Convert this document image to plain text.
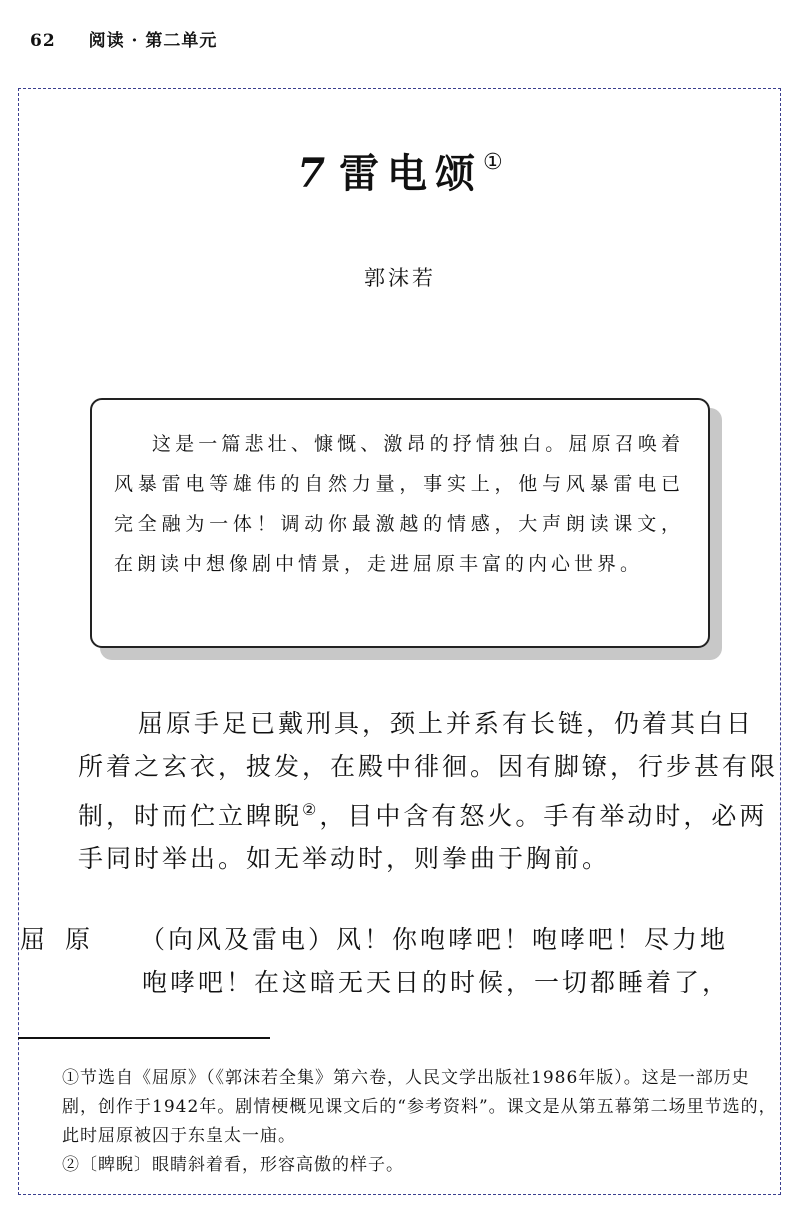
62 阅读 · 第二单元
7 雷电颂①
郭沫若

这是一篇悲壮、慷慨、激昂的抒情独白。屈原召唤着风暴雷电等雄伟的自然力量，事实上，他与风暴雷电已完全融为一体！调动你最激越的情感，大声朗读课文，在朗读中想像剧中情景，走进屈原丰富的内心世界。

屈原手足已戴刑具，颈上并系有长链，仍着其白日所着之玄衣，披发，在殿中徘徊。因有脚镣，行步甚有限制，时而伫立睥睨②，目中含有怒火。手有举动时，必两手同时举出。如无举动时，则拳曲于胸前。

屈原 （向风及雷电）风！你咆哮吧！咆哮吧！尽力地
咆哮吧！在这暗无天日的时候，一切都睡着了，

①节选自《屈原》（《郭沫若全集》第六卷，人民文学出版社1986年版）。这是一部历史剧，创作于1942年。剧情梗概见课文后的“参考资料”。课文是从第五幕第二场里节选的，此时屈原被囚于东皇太一庙。

②〔睥睨〕眼睛斜着看，形容高傲的样子。
